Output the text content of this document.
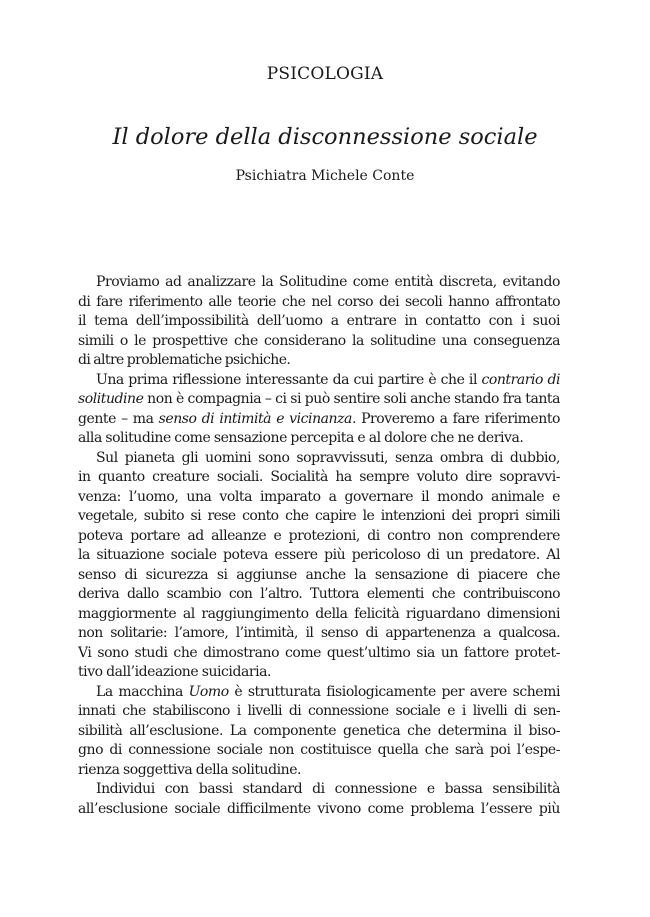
PSICOLOGIA
Il dolore della disconnessione sociale
Psichiatra Michele Conte
Proviamo ad analizzare la Solitudine come entità discreta, evitando
di fare riferimento alle teorie che nel corso dei secoli hanno affrontato
il tema dell’impossibilità dell’uomo a entrare in contatto con i suoi
simili o le prospettive che considerano la solitudine una conseguenza
di altre problematiche psichiche.
Una prima riflessione interessante da cui partire è che il contrario di
solitudine non è compagnia – ci si può sentire soli anche stando fra tanta
gente – ma senso di intimità e vicinanza. Proveremo a fare riferimento
alla solitudine come sensazione percepita e al dolore che ne deriva.
Sul pianeta gli uomini sono sopravvissuti, senza ombra di dubbio,
in quanto creature sociali. Socialità ha sempre voluto dire sopravvi-
venza: l’uomo, una volta imparato a governare il mondo animale e
vegetale, subito si rese conto che capire le intenzioni dei propri simili
poteva portare ad alleanze e protezioni, di contro non comprendere
la situazione sociale poteva essere più pericoloso di un predatore. Al
senso di sicurezza si aggiunse anche la sensazione di piacere che
deriva dallo scambio con l’altro. Tuttora elementi che contribuiscono
maggiormente al raggiungimento della felicità riguardano dimensioni
non solitarie: l’amore, l’intimità, il senso di appartenenza a qualcosa.
Vi sono studi che dimostrano come quest’ultimo sia un fattore protet-
tivo dall’ideazione suicidaria.
La macchina Uomo è strutturata fisiologicamente per avere schemi
innati che stabiliscono i livelli di connessione sociale e i livelli di sen-
sibilità all’esclusione. La componente genetica che determina il biso-
gno di connessione sociale non costituisce quella che sarà poi l’espe-
rienza soggettiva della solitudine.
Individui con bassi standard di connessione e bassa sensibilità
all’esclusione sociale difficilmente vivono come problema l’essere più
